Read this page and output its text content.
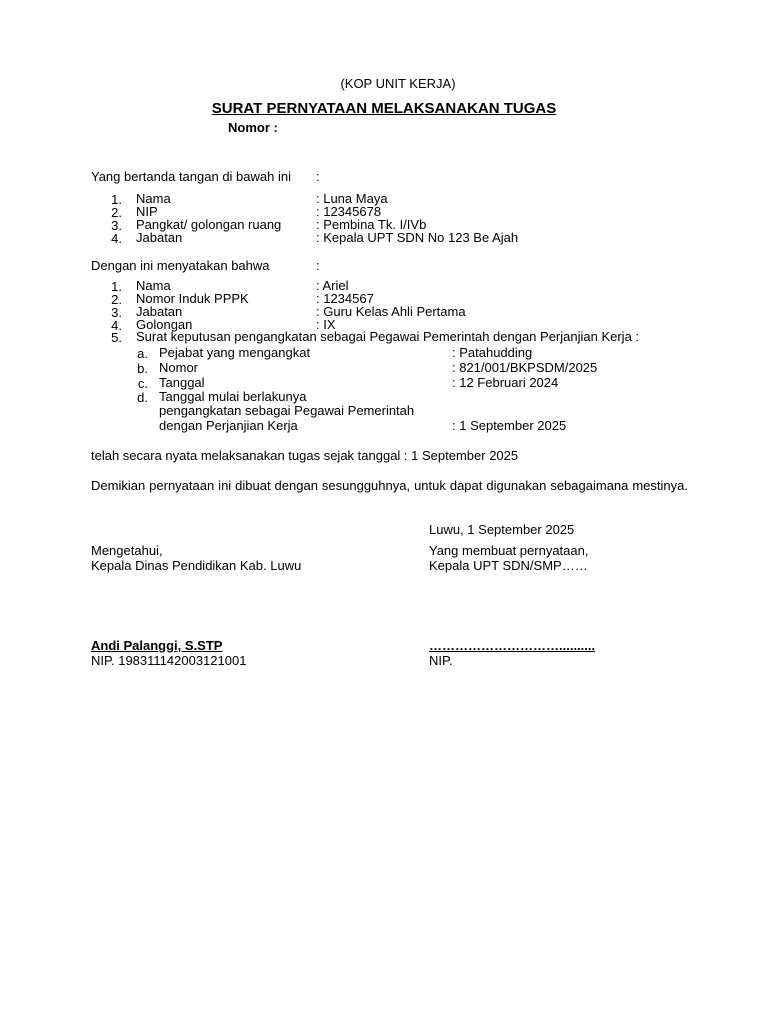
(KOP UNIT KERJA)
SURAT PERNYATAAN MELAKSANAKAN TUGAS
Nomor :
Yang bertanda tangan di bawah ini :
1. Nama	: Luna Maya
2. NIP	: 12345678
3. Pangkat/ golongan ruang	: Pembina Tk. I/IVb
4. Jabatan	: Kepala UPT SDN No 123 Be Ajah
Dengan ini menyatakan bahwa	:
1. Nama	: Ariel
2. Nomor Induk PPPK	: 1234567
3. Jabatan	: Guru Kelas Ahli Pertama
4. Golongan	: IX
5. Surat keputusan pengangkatan sebagai Pegawai Pemerintah dengan Perjanjian Kerja :
a. Pejabat yang mengangkat	: Patahudding
b. Nomor	: 821/001/BKPSDM/2025
c. Tanggal	: 12 Februari 2024
d. Tanggal mulai berlakunya
pengangkatan sebagai Pegawai Pemerintah
dengan Perjanjian Kerja	: 1 September 2025
telah secara nyata melaksanakan tugas sejak tanggal : 1 September 2025
Demikian pernyataan ini dibuat dengan sesungguhnya, untuk dapat digunakan sebagaimana mestinya.
Luwu, 1 September 2025
Mengetahui,
Kepala Dinas Pendidikan Kab. Luwu
Andi Palanggi, S.STP
NIP. 198311142003121001
Yang membuat pernyataan,
Kepala UPT SDN/SMP……
…………………………..........
NIP.
